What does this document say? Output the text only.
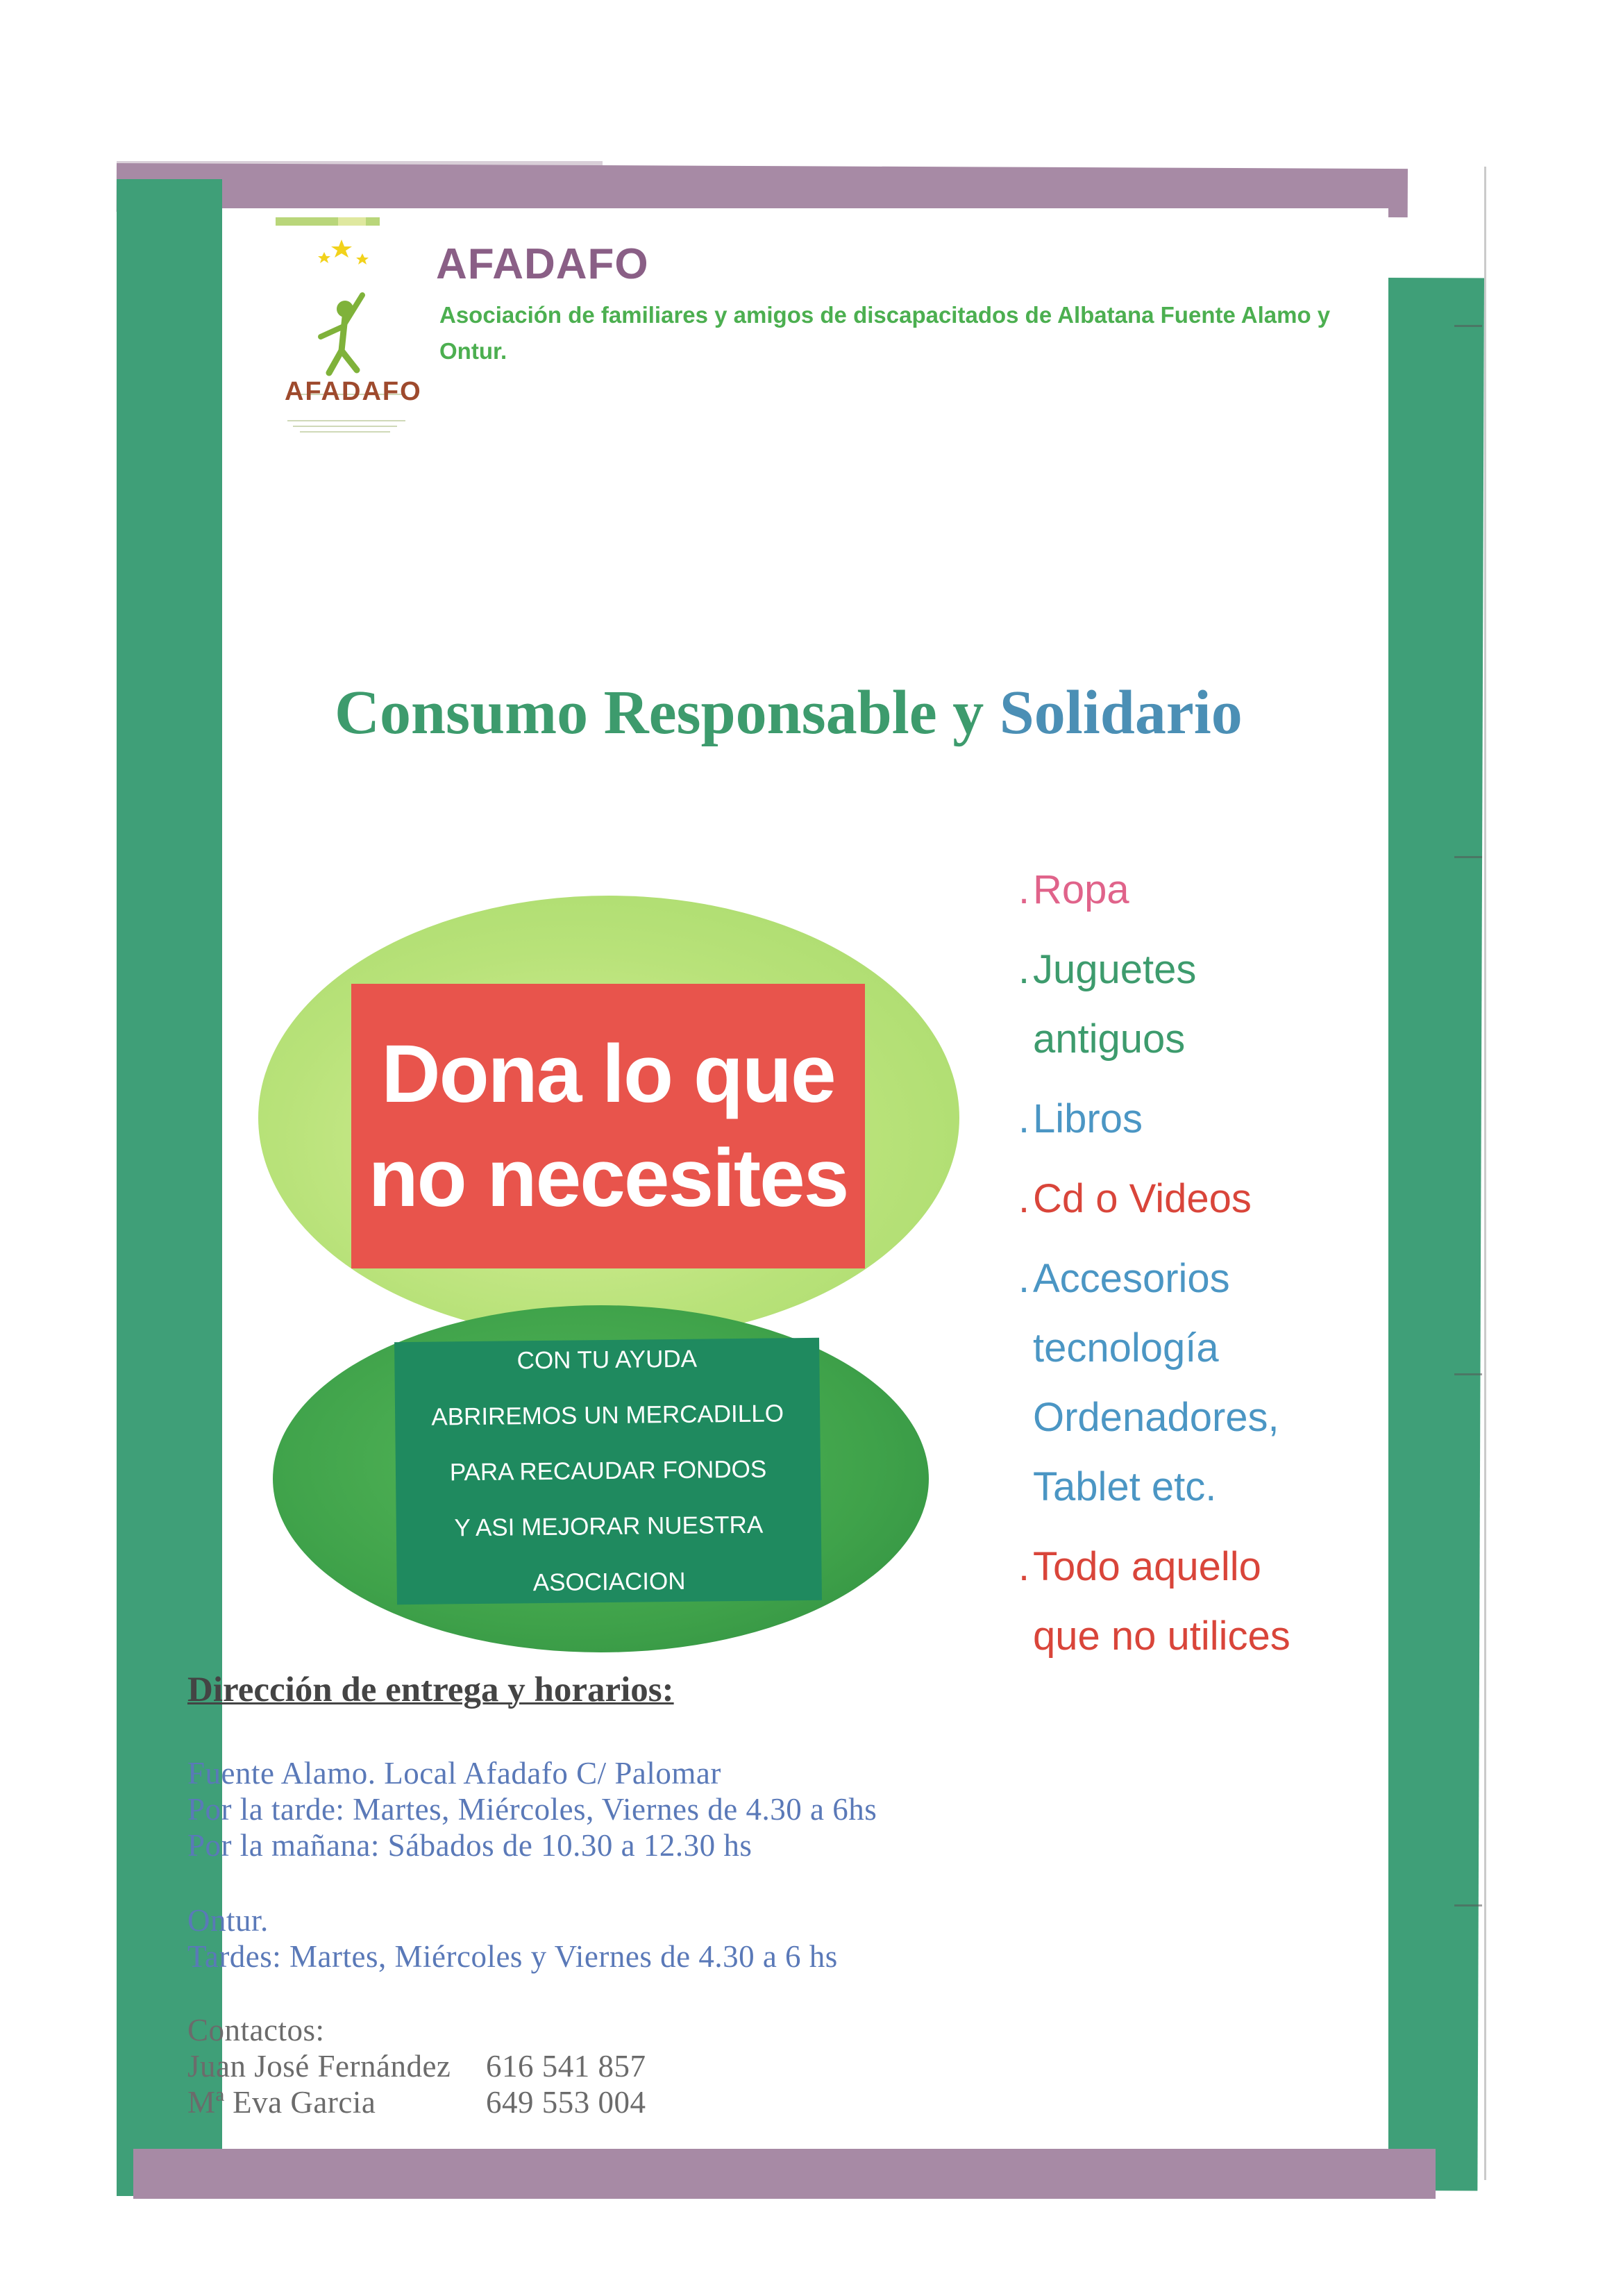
AFADAFO
AFADAFO

Asociación de familiares y amigos de discapacitados de Albatana Fuente Alamo y Ontur.

Consumo Responsable y Solidario
Dona lo que
no necesites
CON TU AYUDA
ABRIREMOS UN MERCADILLO
PARA RECAUDAR FONDOS
Y ASI MEJORAR NUESTRA
ASOCIACION
. Ropa
. Juguetes
antiguos
. Libros
. Cd o Videos
. Accesorios
tecnología
Ordenadores,
Tablet etc.
. Todo aquello
que no utilices
Dirección de entrega y horarios:
Fuente Alamo. Local Afadafo C/ Palomar
Por la tarde: Martes, Miércoles, Viernes de 4.30 a 6hs
Por la mañana: Sábados de 10.30 a 12.30 hs
Ontur.
Tardes: Martes, Miércoles y Viernes de 4.30 a 6 hs
Contactos:
Juan José Fernández	616 541 857
Mª Eva Garcia	649 553 004
